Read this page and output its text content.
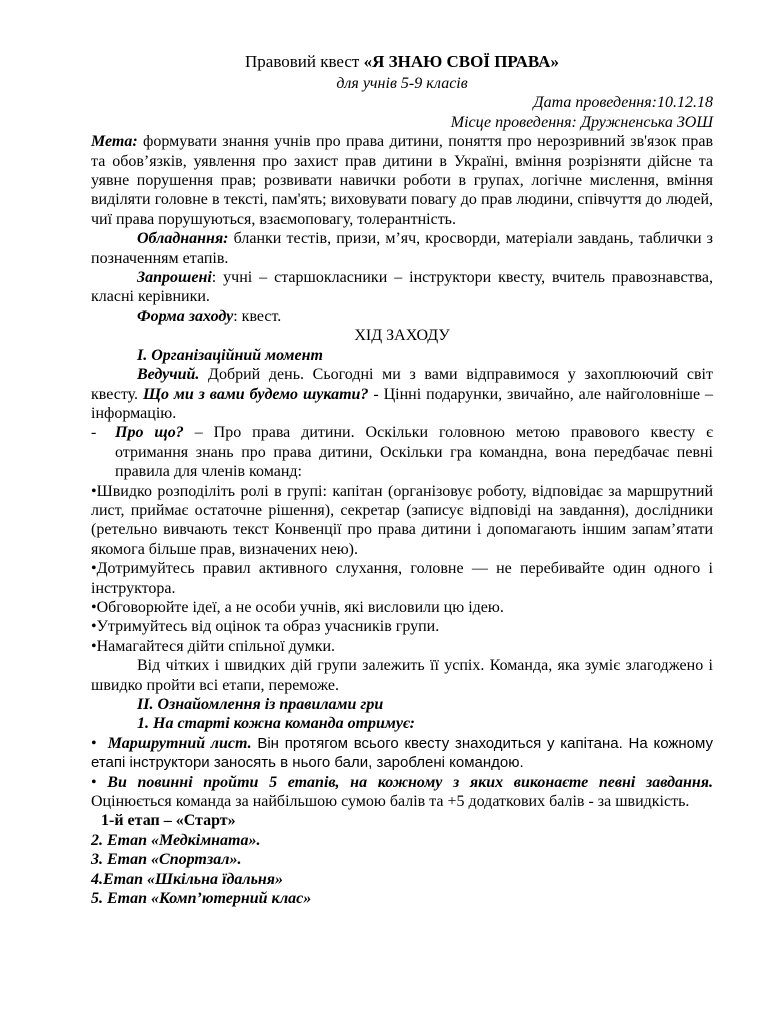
Правовий квест «Я ЗНАЮ СВОЇ ПРАВА»

для учнів 5-9 класів

Дата проведення:10.12.18

Місце проведення: Дружненська ЗОШ

Мета: формувати знання учнів про права дитини, поняття про нерозривний зв'язок прав та обов’язків, уявлення про захист прав дитини в Україні, вміння розрізняти дійсне та уявне порушення прав; розвивати навички роботи в групах, логічне мислення, вміння виділяти головне в тексті, пам'ять; виховувати повагу до прав людини, співчуття до людей, чиї права порушуються, взаємоповагу, толерантність.

Обладнання: бланки тестів, призи, м’яч, кросворди, матеріали завдань, таблички з позначенням етапів.

Запрошені: учні – старшокласники – інструктори квесту, вчитель правознавства, класні керівники.

Форма заходу: квест.

ХІД ЗАХОДУ

І. Організаційний момент

Ведучий. Добрий день. Сьогодні ми з вами відправимося у захоплюючий світ квесту. Що ми з вами будемо шукати? - Цінні подарунки, звичайно, але найголовніше – інформацію.

- Про що? – Про права дитини. Оскільки головною метою правового квесту є отримання знань про права дитини, Оскільки гра командна, вона передбачає певні правила для членів команд:

•Швидко розподіліть ролі в групі: капітан (організовує роботу, відповідає за маршрутний лист, приймає остаточне рішення), секретар (записує відповіді на завдання), дослідники (ретельно вивчають текст Конвенції про права дитини і допомагають іншим запам’ятати якомога більше прав, визначених нею).

•Дотримуйтесь правил активного слухання, головне — не перебивайте один одного і інструктора.

•Обговорюйте ідеї, а не особи учнів, які висловили цю ідею.

•Утримуйтесь від оцінок та образ учасників групи.

•Намагайтеся дійти спільної думки.

Від чітких і швидких дій групи залежить її успіх. Команда, яка зуміє злагоджено і швидко пройти всі етапи, переможе.

ІІ. Ознайомлення із правилами гри

1. На старті кожна команда отримує:

• Маршрутний лист. Він протягом всього квесту знаходиться у капітана. На кожному етапі інструктори заносять в нього бали, зароблені командою.

• Ви повинні пройти 5 етапів, на кожному з яких виконаєте певні завдання. Оцінюється команда за найбільшою сумою балів та +5 додаткових балів - за швидкість.

1-й етап – «Старт»

2. Етап «Медкімната».

3. Етап «Спортзал».

4.Етап «Шкільна їдальня»

5. Етап «Комп’ютерний клас»
